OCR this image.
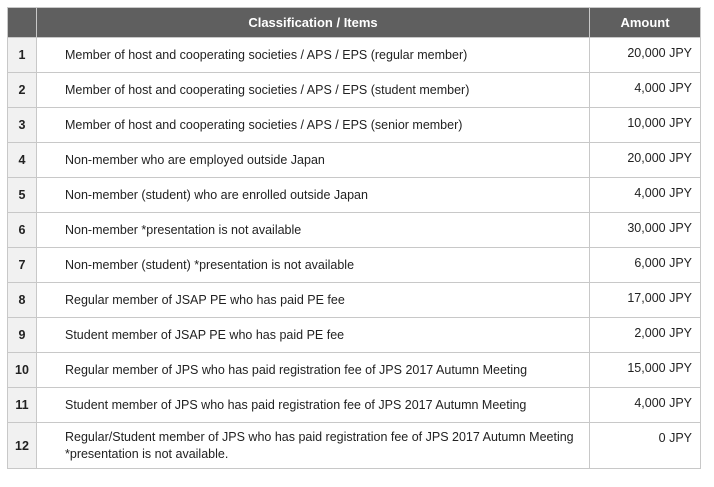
	Classification / Items	Amount
1	Member of host and cooperating societies / APS / EPS (regular member)	20,000 JPY
2	Member of host and cooperating societies / APS / EPS (student member)	4,000 JPY
3	Member of host and cooperating societies / APS / EPS (senior member)	10,000 JPY
4	Non-member who are employed outside Japan	20,000 JPY
5	Non-member (student) who are enrolled outside Japan	4,000 JPY
6	Non-member *presentation is not available	30,000 JPY
7	Non-member (student) *presentation is not available	6,000 JPY
8	Regular member of JSAP PE who has paid PE fee	17,000 JPY
9	Student member of JSAP PE who has paid PE fee	2,000 JPY
10	Regular member of JPS who has paid registration fee of JPS 2017 Autumn Meeting	15,000 JPY
11	Student member of JPS who has paid registration fee of JPS 2017 Autumn Meeting	4,000 JPY
12	Regular/Student member of JPS who has paid registration fee of JPS 2017 Autumn Meeting *presentation is not available.	0 JPY
